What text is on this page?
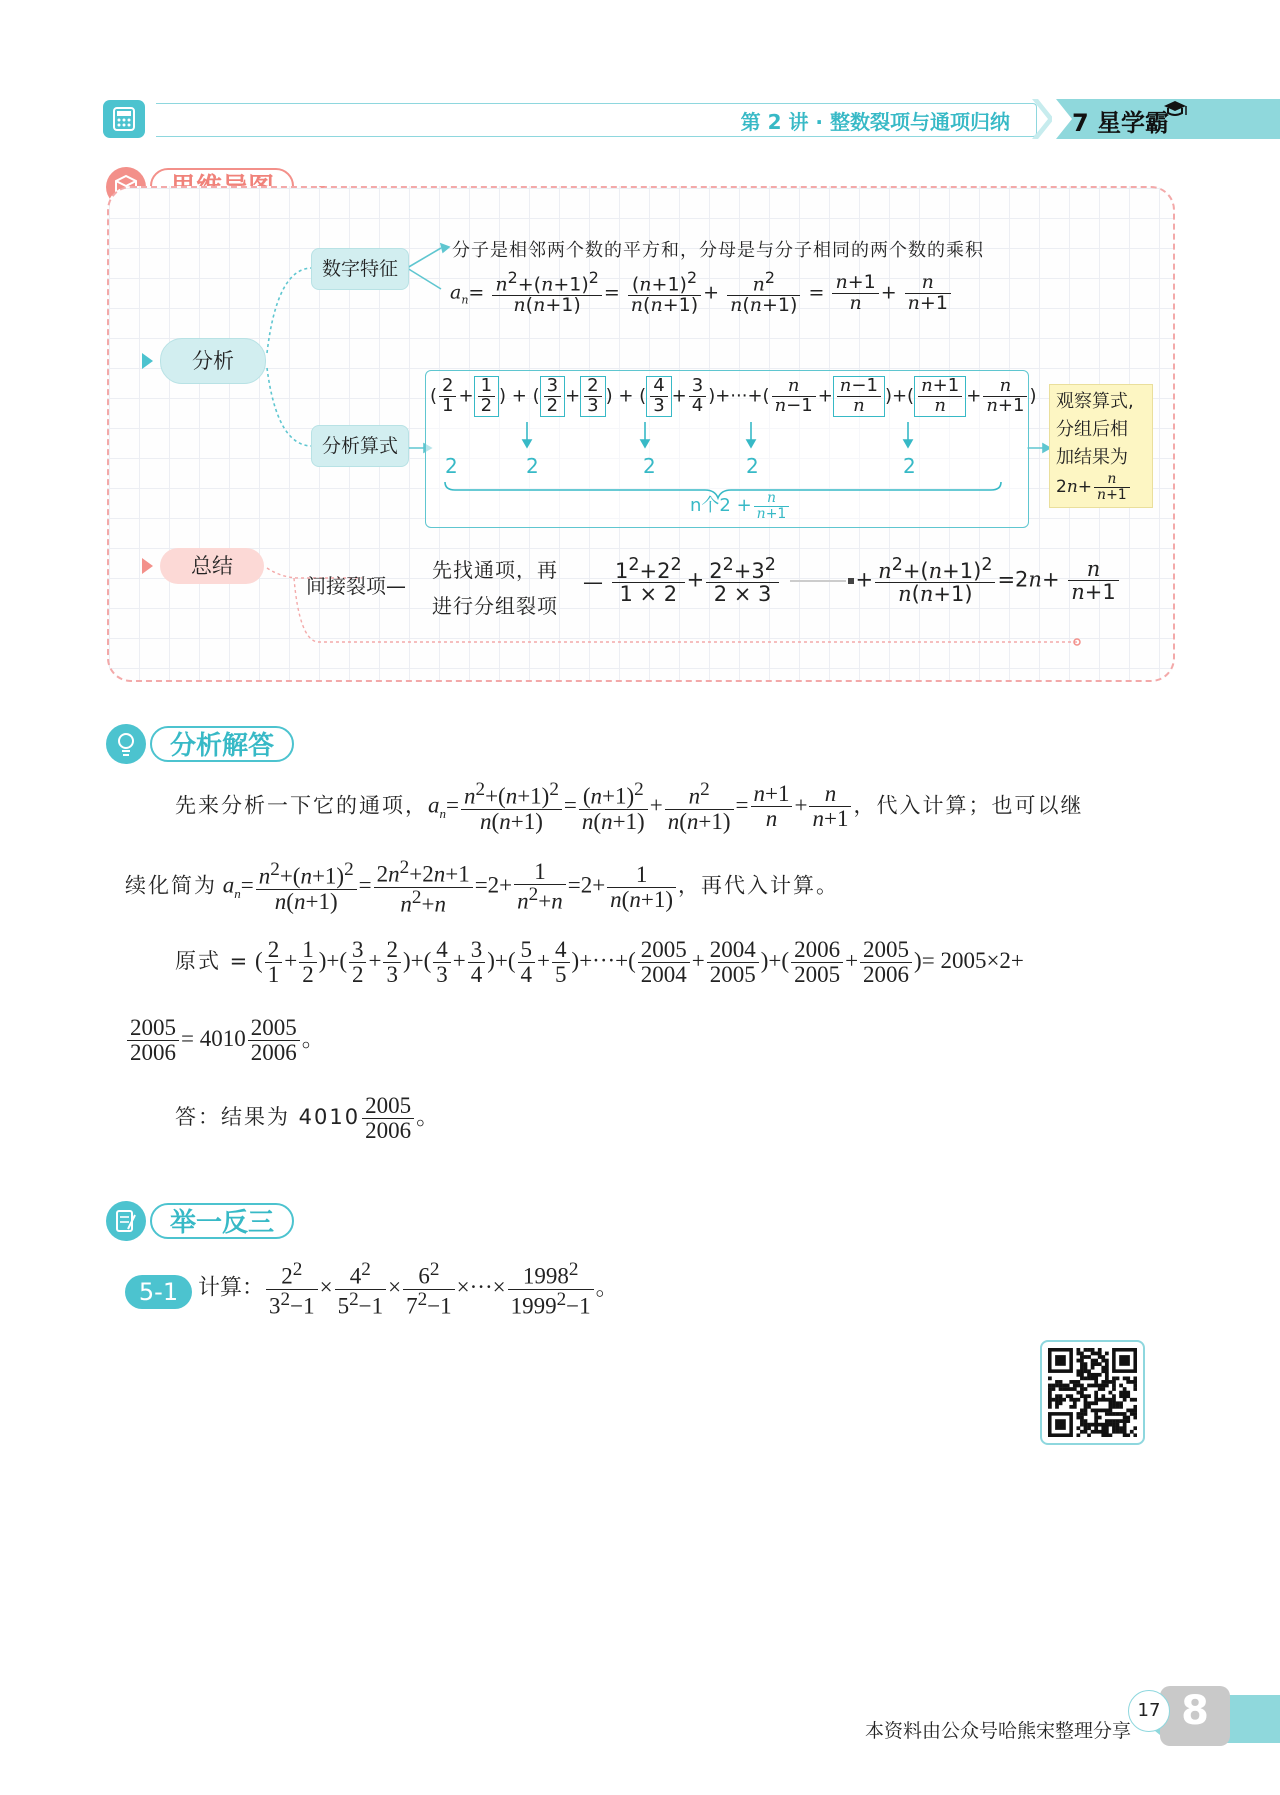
第 2 讲 · 整数裂项与通项归纳	7 星学霸
分析
数字特征
分析算式
分子是相邻两个数的平方和，分母是与分子相同的两个数的乘积
$a_n= \frac{n^2+(n+1)^2}{n(n+1)} = \frac{(n+1)^2}{n(n+1)} + \frac{n^2}{n(n+1)} = \frac{n+1}{n} + \frac{n}{n+1}$
( $\frac{2}{1} + \frac{1}{2}$ ) + ( $\frac{3}{2} + \frac{2}{3}$ ) + ( $\frac{4}{3} + \frac{3}{4}$ )+···+( $\frac{n}{n-1} + \frac{n-1}{n}$ )+( $\frac{n+1}{n} + \frac{n}{n+1}$ )
2	2	2	2	2
n个$2 + \frac{n}{n+1}$
观察算式,
分组后相
加结果为
$2n+ \frac{n}{n+1}$
总结
间接裂项—
先找通项，再
进行分组裂项
— $\frac{1^2+2^2}{1 \times 2} + \frac{2^2+3^2}{2 \times 3}$	+ $\frac{n^2+(n+1)^2}{n(n+1)} =2n+ \frac{n}{n+1}$
分析解答
先来分析一下它的通项，$a_n= \frac{n^2+(n+1)^2}{n(n+1)} = \frac{(n+1)^2}{n(n+1)} + \frac{n^2}{n(n+1)} = \frac{n+1}{n} + \frac{n}{n+1}$ ，代入计算；也可以继
续化简为 $a_n= \frac{n^2+(n+1)^2}{n(n+1)} = \frac{2n^2+2n+1}{n^2+n} =2+ \frac{1}{n^2+n} =2+ \frac{1}{n(n+1)}$ ，再代入计算。
原式 = ( $\frac{2}{1} + \frac{1}{2}$ )+( $\frac{3}{2} + \frac{2}{3}$ )+( $\frac{4}{3} + \frac{3}{4}$ )+( $\frac{5}{4} + \frac{4}{5}$ )+···+( $\frac{2005}{2004} + \frac{2004}{2005}$ )+( $\frac{2006}{2005} + \frac{2005}{2006}$ )= 2005×2+
$\frac{2005}{2006} = 4010 \frac{2005}{2006}$ 。
答：结果为 $4010 \frac{2005}{2006}$ 。
举一反三
5-1 计算： $\frac{2^2}{3^2-1} \times \frac{4^2}{5^2-1} \times \frac{6^2}{7^2-1}$ ×···× $\frac{1998^2}{1999^2-1}$ 。
8
17
本资料由公众号哈熊宋整理分享
